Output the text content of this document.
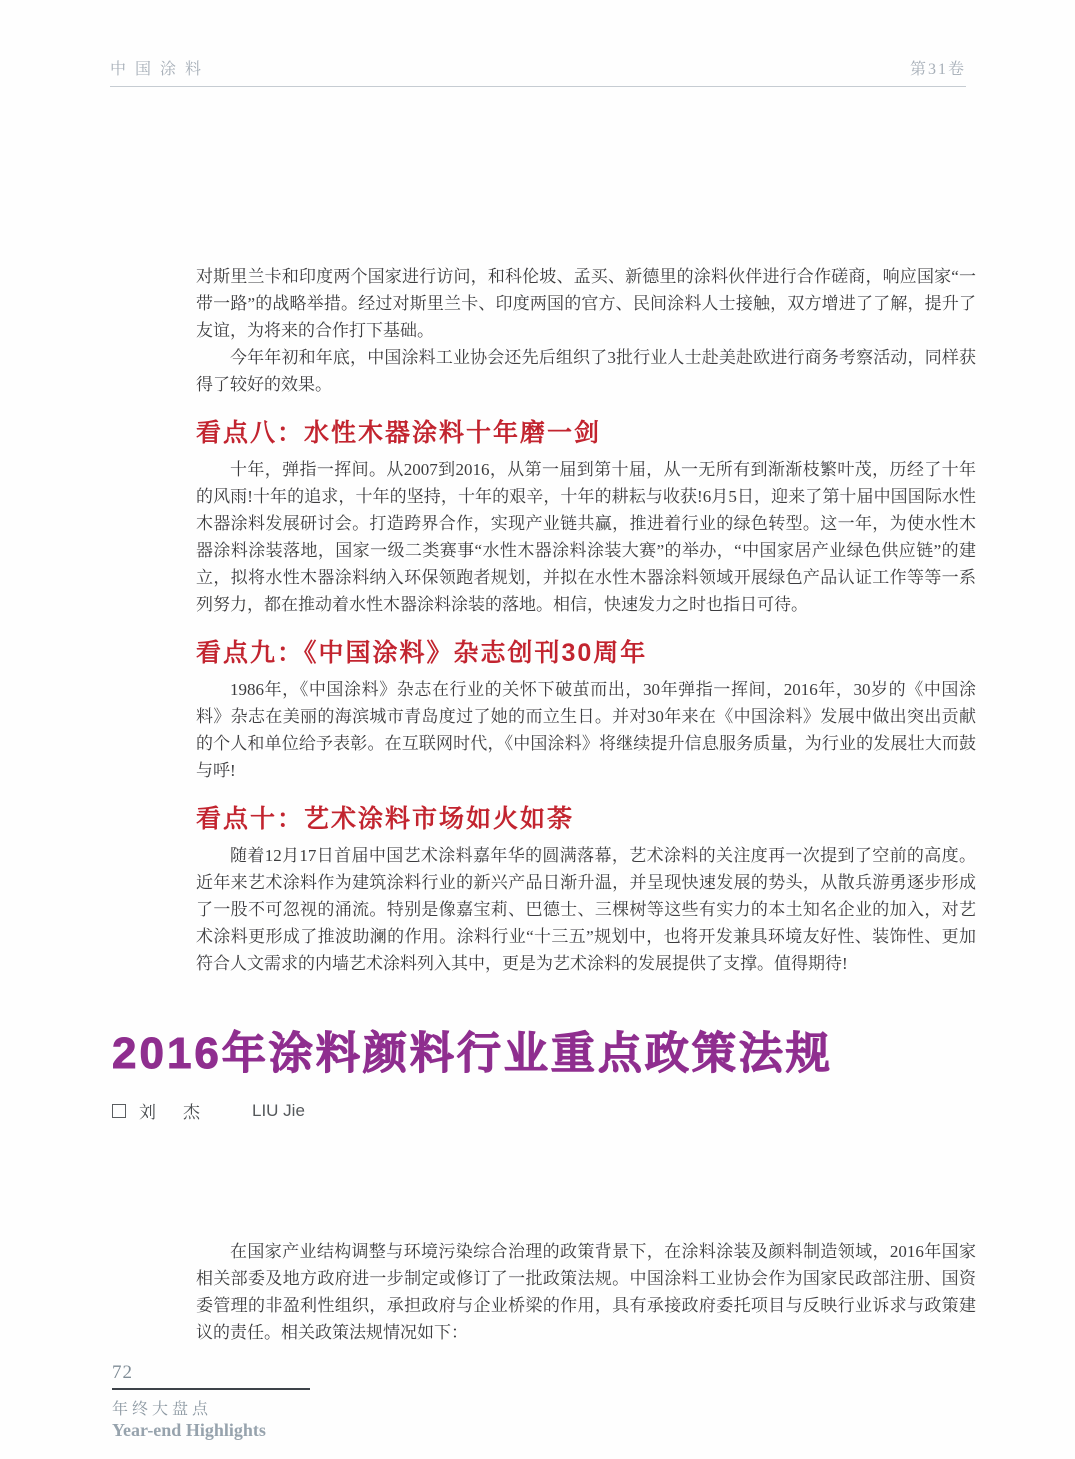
中国涂料	第31卷

对斯里兰卡和印度两个国家进行访问，和科伦坡、孟买、新德里的涂料伙伴进行合作磋商，响应国家“一带一路”的战略举措。经过对斯里兰卡、印度两国的官方、民间涂料人士接触，双方增进了了解，提升了友谊，为将来的合作打下基础。

今年年初和年底，中国涂料工业协会还先后组织了3批行业人士赴美赴欧进行商务考察活动，同样获得了较好的效果。

看点八：水性木器涂料十年磨一剑

十年，弹指一挥间。从2007到2016，从第一届到第十届，从一无所有到渐渐枝繁叶茂，历经了十年的风雨!十年的追求，十年的坚持，十年的艰辛，十年的耕耘与收获!6月5日，迎来了第十届中国国际水性木器涂料发展研讨会。打造跨界合作，实现产业链共赢，推进着行业的绿色转型。这一年，为使水性木器涂料涂装落地，国家一级二类赛事“水性木器涂料涂装大赛”的举办，“中国家居产业绿色供应链”的建立，拟将水性木器涂料纳入环保领跑者规划，并拟在水性木器涂料领域开展绿色产品认证工作等等一系列努力，都在推动着水性木器涂料涂装的落地。相信，快速发力之时也指日可待。

看点九：《中国涂料》杂志创刊30周年

1986年，《中国涂料》杂志在行业的关怀下破茧而出，30年弹指一挥间，2016年，30岁的《中国涂料》杂志在美丽的海滨城市青岛度过了她的而立生日。并对30年来在《中国涂料》发展中做出突出贡献的个人和单位给予表彰。在互联网时代，《中国涂料》将继续提升信息服务质量，为行业的发展壮大而鼓与呼!

看点十：艺术涂料市场如火如荼

随着12月17日首届中国艺术涂料嘉年华的圆满落幕，艺术涂料的关注度再一次提到了空前的高度。近年来艺术涂料作为建筑涂料行业的新兴产品日渐升温，并呈现快速发展的势头，从散兵游勇逐步形成了一股不可忽视的涌流。特别是像嘉宝莉、巴德士、三棵树等这些有实力的本土知名企业的加入，对艺术涂料更形成了推波助澜的作用。涂料行业“十三五”规划中，也将开发兼具环境友好性、装饰性、更加符合人文需求的内墙艺术涂料列入其中，更是为艺术涂料的发展提供了支撑。值得期待!

2016年涂料颜料行业重点政策法规
刘 杰	LIU Jie

在国家产业结构调整与环境污染综合治理的政策背景下，在涂料涂装及颜料制造领域，2016年国家相关部委及地方政府进一步制定或修订了一批政策法规。中国涂料工业协会作为国家民政部注册、国资委管理的非盈利性组织，承担政府与企业桥梁的作用，具有承接政府委托项目与反映行业诉求与政策建议的责任。相关政策法规情况如下：

72
年终大盘点
Year-end Highlights
